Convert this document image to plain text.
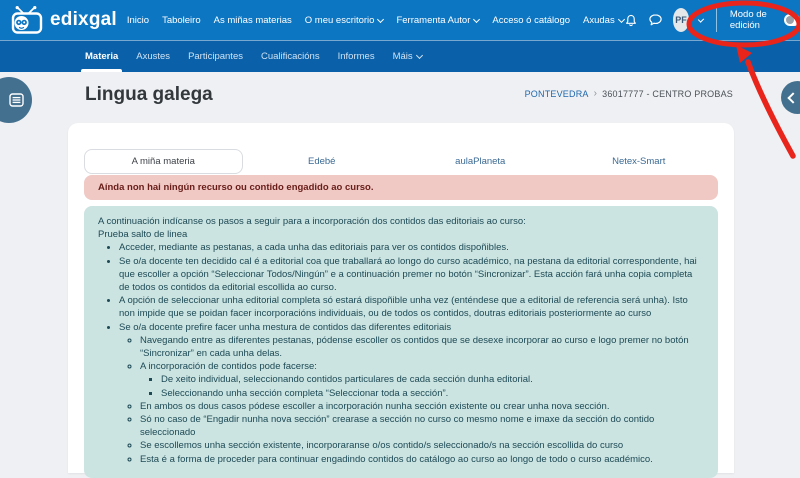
edixgal Inicio Taboleiro As miñas materias O meu escritorio Ferramenta Autor Acceso ó catálogo Axudas	PF	Modo de edición
Materia Axustes Participantes Cualificacións Informes Máis
Lingua galega	PONTEVEDRA › 36017777 - CENTRO PROBAS
A miña materia	Edebé	aulaPlaneta	Netex-Smart
Aínda non hai ningún recurso ou contido engadido ao curso.

A continuación indícanse os pasos a seguir para a incorporación dos contidos das editoriais ao curso:

Prueba salto de linea

• Acceder, mediante as pestanas, a cada unha das editoriais para ver os contidos dispoñibles.
• Se o/a docente ten decidido cal é a editorial coa que traballará ao longo do curso académico, na pestana da editorial correspondente, hai que escoller a opción “Seleccionar Todos/Ningún” e a continuación premer no botón “Sincronizar”. Esta acción fará unha copia completa de todos os contidos da editorial escollida ao curso.
• A opción de seleccionar unha editorial completa só estará dispoñible unha vez (enténdese que a editorial de referencia será unha). Isto non impide que se poidan facer incorporacións individuais, ou de todos os contidos, doutras editoriais posteriormente ao curso
• Se o/a docente prefire facer unha mestura de contidos das diferentes editoriais
◦ Navegando entre as diferentes pestanas, pódense escoller os contidos que se desexe incorporar ao curso e logo premer no botón “Sincronizar” en cada unha delas.
◦ A incorporación de contidos pode facerse:
▪ De xeito individual, seleccionando contidos particulares de cada sección dunha editorial.
▪ Seleccionando unha sección completa “Seleccionar toda a sección”.
◦ En ambos os dous casos pódese escoller a incorporación nunha sección existente ou crear unha nova sección.
◦ Só no caso de “Engadir nunha nova sección” crearase a sección no curso co mesmo nome e imaxe da sección do contido seleccionado
◦ Se escollemos unha sección existente, incorporaranse o/os contido/s seleccionado/s na sección escollida do curso
◦ Esta é a forma de proceder para continuar engadindo contidos do catálogo ao curso ao longo de todo o curso académico.
